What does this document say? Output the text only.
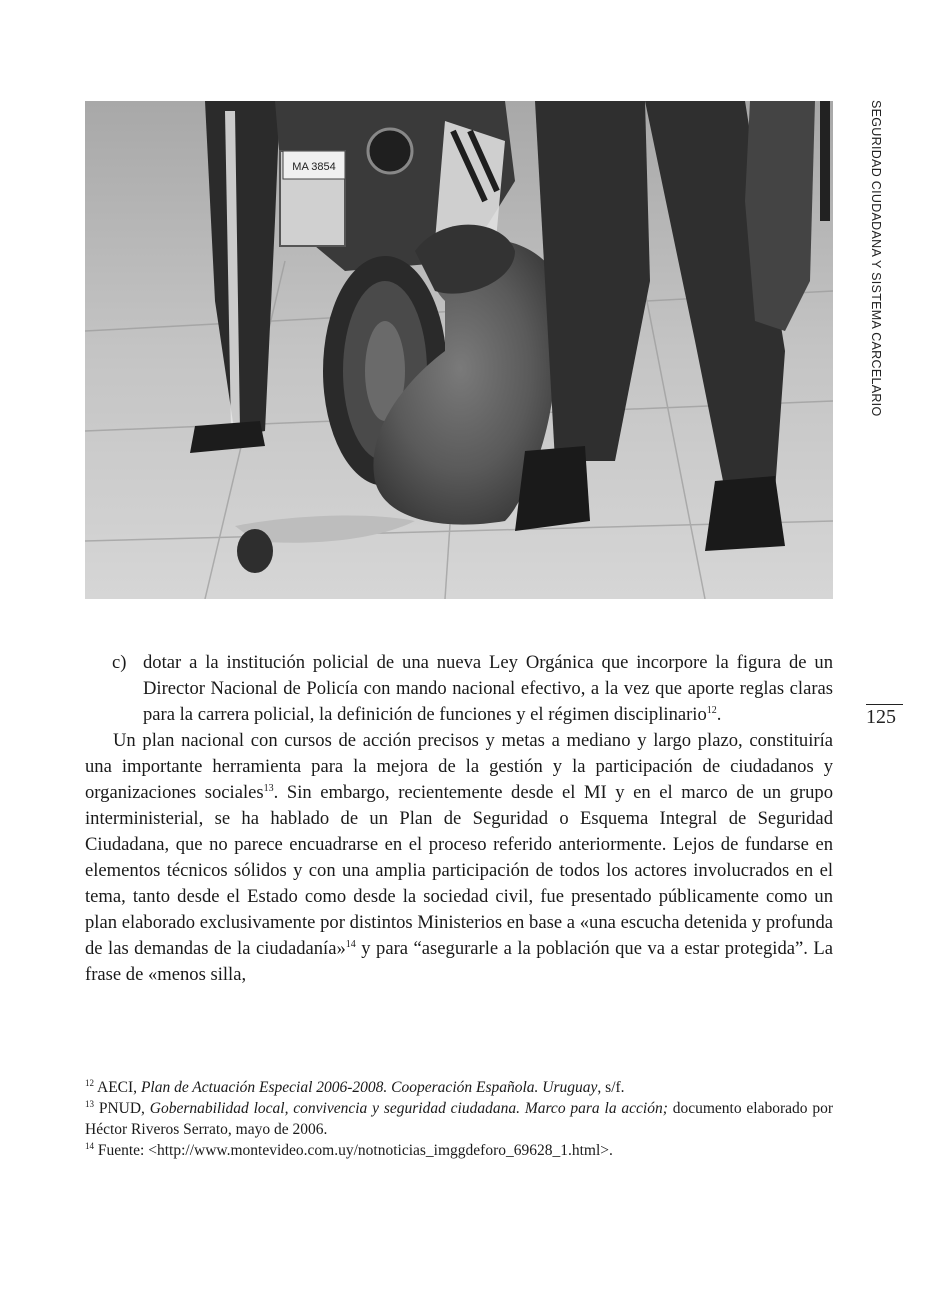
MA 3854	SEGURIDAD CIUDADANA Y SISTEMA CARCELARIO
125
c) dotar a la institución policial de una nueva Ley Orgánica que incorpore la figura de un Director Nacional de Policía con mando nacional efectivo, a la vez que aporte reglas claras para la carrera policial, la definición de funciones y el régimen disciplinario$^{12}$.

Un plan nacional con cursos de acción precisos y metas a mediano y largo plazo, constituiría una importante herramienta para la mejora de la gestión y la participación de ciudadanos y organizaciones sociales$^{13}$. Sin embargo, recientemente desde el MI y en el marco de un grupo interministerial, se ha hablado de un Plan de Seguridad o Esquema Integral de Seguridad Ciudadana, que no parece encuadrarse en el proceso referido anteriormente. Lejos de fundarse en elementos técnicos sólidos y con una amplia participación de todos los actores involucrados en el tema, tanto desde el Estado como desde la sociedad civil, fue presentado públicamente como un plan elaborado exclusivamente por distintos Ministerios en base a «una escucha detenida y profunda de las demandas de la ciudadanía»$^{14}$ y para “asegurarle a la población que va a estar protegida”. La frase de «menos silla,

$^{12}$ AECI, Plan de Actuación Especial 2006-2008. Cooperación Española. Uruguay, s/f.

$^{13}$ PNUD, Gobernabilidad local, convivencia y seguridad ciudadana. Marco para la acción; documento elaborado por Héctor Riveros Serrato, mayo de 2006.

$^{14}$ Fuente: <http://www.montevideo.com.uy/notnoticias_imggdeforo_69628_1.html>.
